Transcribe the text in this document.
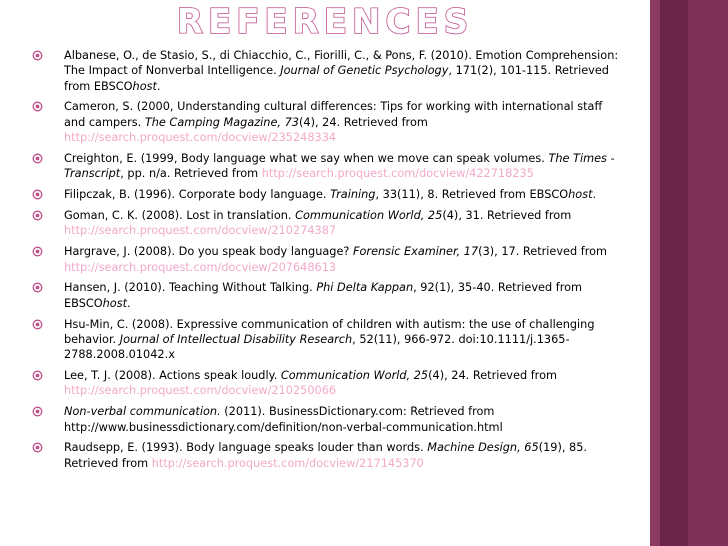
REFERENCES
Albanese, O., de Stasio, S., di Chiacchio, C., Fiorilli, C., & Pons, F. (2010). Emotion Comprehension: The Impact of Nonverbal Intelligence. Journal of Genetic Psychology, 171(2), 101-115. Retrieved from EBSCOhost.
Cameron, S. (2000, Understanding cultural differences: Tips for working with international staff and campers. The Camping Magazine, 73(4), 24. Retrieved from http://search.proquest.com/docview/235248334
Creighton, E. (1999, Body language what we say when we move can speak volumes. The Times - Transcript, pp. n/a. Retrieved from http://search.proquest.com/docview/422718235
Filipczak, B. (1996). Corporate body language. Training, 33(11), 8. Retrieved from EBSCOhost.
Goman, C. K. (2008). Lost in translation. Communication World, 25(4), 31. Retrieved from http://search.proquest.com/docview/210274387
Hargrave, J. (2008). Do you speak body language? Forensic Examiner, 17(3), 17. Retrieved from http://search.proquest.com/docview/207648613
Hansen, J. (2010). Teaching Without Talking. Phi Delta Kappan, 92(1), 35-40. Retrieved from EBSCOhost.
Hsu-Min, C. (2008). Expressive communication of children with autism: the use of challenging behavior. Journal of Intellectual Disability Research, 52(11), 966-972. doi:10.1111/j.1365-2788.2008.01042.x
Lee, T. J. (2008). Actions speak loudly. Communication World, 25(4), 24. Retrieved from http://search.proquest.com/docview/210250066
Non-verbal communication. (2011). BusinessDictionary.com: Retrieved from http://www.businessdictionary.com/definition/non-verbal-communication.html
Raudsepp, E. (1993). Body language speaks louder than words. Machine Design, 65(19), 85. Retrieved from http://search.proquest.com/docview/217145370
